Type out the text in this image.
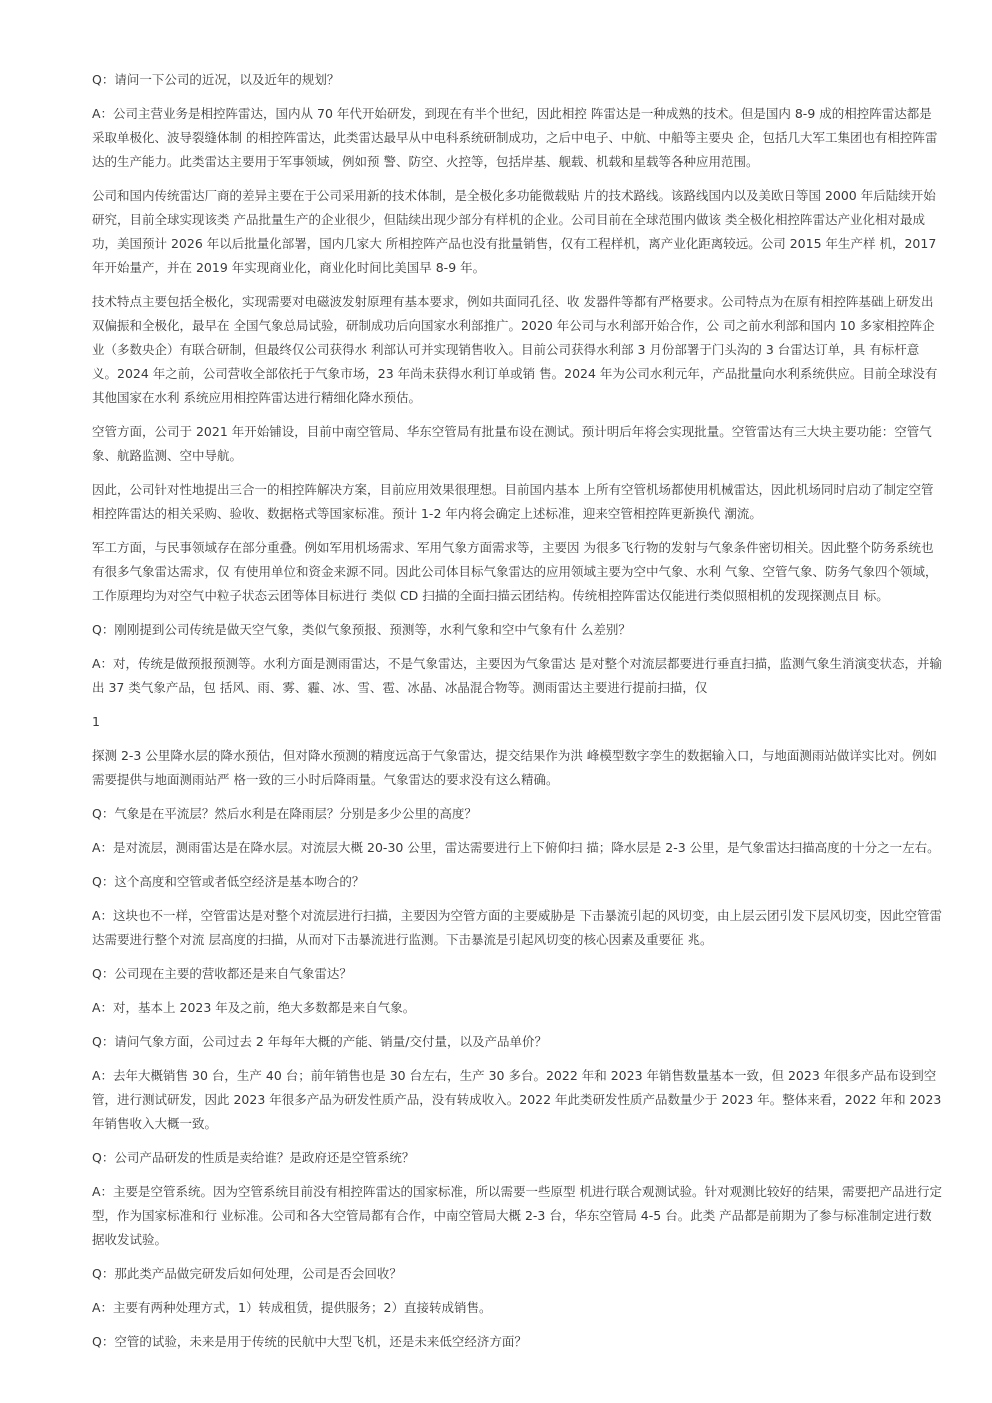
Q：请问一下公司的近况，以及近年的规划？

A：公司主营业务是相控阵雷达，国内从 70 年代开始研发，到现在有半个世纪，因此相控 阵雷达是一种成熟的技术。但是国内 8-9 成的相控阵雷达都是采取单极化、波导裂缝体制 的相控阵雷达，此类雷达最早从中电科系统研制成功，之后中电子、中航、中船等主要央 企，包括几大军工集团也有相控阵雷达的生产能力。此类雷达主要用于军事领域，例如预 警、防空、火控等，包括岸基、舰载、机载和星载等各种应用范围。

公司和国内传统雷达厂商的差异主要在于公司采用新的技术体制，是全极化多功能微载贴 片的技术路线。该路线国内以及美欧日等国 2000 年后陆续开始研究，目前全球实现该类 产品批量生产的企业很少，但陆续出现少部分有样机的企业。公司目前在全球范围内做该 类全极化相控阵雷达产业化相对最成功，美国预计 2026 年以后批量化部署，国内几家大 所相控阵产品也没有批量销售，仅有工程样机，离产业化距离较远。公司 2015 年生产样 机，2017 年开始量产，并在 2019 年实现商业化，商业化时间比美国早 8-9 年。

技术特点主要包括全极化，实现需要对电磁波发射原理有基本要求，例如共面同孔径、收 发器件等都有严格要求。公司特点为在原有相控阵基础上研发出双偏振和全极化，最早在 全国气象总局试验，研制成功后向国家水利部推广。2020 年公司与水利部开始合作，公 司之前水利部和国内 10 多家相控阵企业（多数央企）有联合研制，但最终仅公司获得水 利部认可并实现销售收入。目前公司获得水利部 3 月份部署于门头沟的 3 台雷达订单，具 有标杆意义。2024 年之前，公司营收全部依托于气象市场，23 年尚未获得水利订单或销 售。2024 年为公司水利元年，产品批量向水利系统供应。目前全球没有其他国家在水利 系统应用相控阵雷达进行精细化降水预估。

空管方面，公司于 2021 年开始铺设，目前中南空管局、华东空管局有批量布设在测试。预计明后年将会实现批量。空管雷达有三大块主要功能：空管气象、航路监测、空中导航。

因此，公司针对性地提出三合一的相控阵解决方案，目前应用效果很理想。目前国内基本 上所有空管机场都使用机械雷达，因此机场同时启动了制定空管相控阵雷达的相关采购、验收、数据格式等国家标准。预计 1-2 年内将会确定上述标准，迎来空管相控阵更新换代 潮流。

军工方面，与民事领域存在部分重叠。例如军用机场需求、军用气象方面需求等，主要因 为很多飞行物的发射与气象条件密切相关。因此整个防务系统也有很多气象雷达需求，仅 有使用单位和资金来源不同。因此公司体目标气象雷达的应用领域主要为空中气象、水利 气象、空管气象、防务气象四个领域，工作原理均为对空气中粒子状态云团等体目标进行 类似 CD 扫描的全面扫描云团结构。传统相控阵雷达仅能进行类似照相机的发现探测点目 标。

Q：刚刚提到公司传统是做天空气象，类似气象预报、预测等，水利气象和空中气象有什 么差别？

A：对，传统是做预报预测等。水利方面是测雨雷达，不是气象雷达，主要因为气象雷达 是对整个对流层都要进行垂直扫描，监测气象生消演变状态，并输出 37 类气象产品，包 括风、雨、雾、霾、冰、雪、雹、冰晶、冰晶混合物等。测雨雷达主要进行提前扫描，仅

1

探测 2-3 公里降水层的降水预估，但对降水预测的精度远高于气象雷达，提交结果作为洪 峰模型数字孪生的数据输入口，与地面测雨站做详实比对。例如需要提供与地面测雨站严 格一致的三小时后降雨量。气象雷达的要求没有这么精确。

Q：气象是在平流层？然后水利是在降雨层？分别是多少公里的高度？

A：是对流层，测雨雷达是在降水层。对流层大概 20-30 公里，雷达需要进行上下俯仰扫 描；降水层是 2-3 公里，是气象雷达扫描高度的十分之一左右。

Q：这个高度和空管或者低空经济是基本吻合的？

A：这块也不一样，空管雷达是对整个对流层进行扫描，主要因为空管方面的主要威胁是 下击暴流引起的风切变，由上层云团引发下层风切变，因此空管雷达需要进行整个对流 层高度的扫描，从而对下击暴流进行监测。下击暴流是引起风切变的核心因素及重要征 兆。

Q：公司现在主要的营收都还是来自气象雷达？

A：对，基本上 2023 年及之前，绝大多数都是来自气象。

Q：请问气象方面，公司过去 2 年每年大概的产能、销量/交付量，以及产品单价？

A：去年大概销售 30 台，生产 40 台；前年销售也是 30 台左右，生产 30 多台。2022 年和 2023 年销售数量基本一致，但 2023 年很多产品布设到空管，进行测试研发，因此 2023 年很多产品为研发性质产品，没有转成收入。2022 年此类研发性质产品数量少于 2023 年。整体来看，2022 年和 2023 年销售收入大概一致。

Q：公司产品研发的性质是卖给谁？是政府还是空管系统？

A：主要是空管系统。因为空管系统目前没有相控阵雷达的国家标准，所以需要一些原型 机进行联合观测试验。针对观测比较好的结果，需要把产品进行定型，作为国家标准和行 业标准。公司和各大空管局都有合作，中南空管局大概 2-3 台，华东空管局 4-5 台。此类 产品都是前期为了参与标准制定进行数据收发试验。

Q：那此类产品做完研发后如何处理，公司是否会回收？

A：主要有两种处理方式，1）转成租赁，提供服务；2）直接转成销售。

Q：空管的试验，未来是用于传统的民航中大型飞机，还是未来低空经济方面？
